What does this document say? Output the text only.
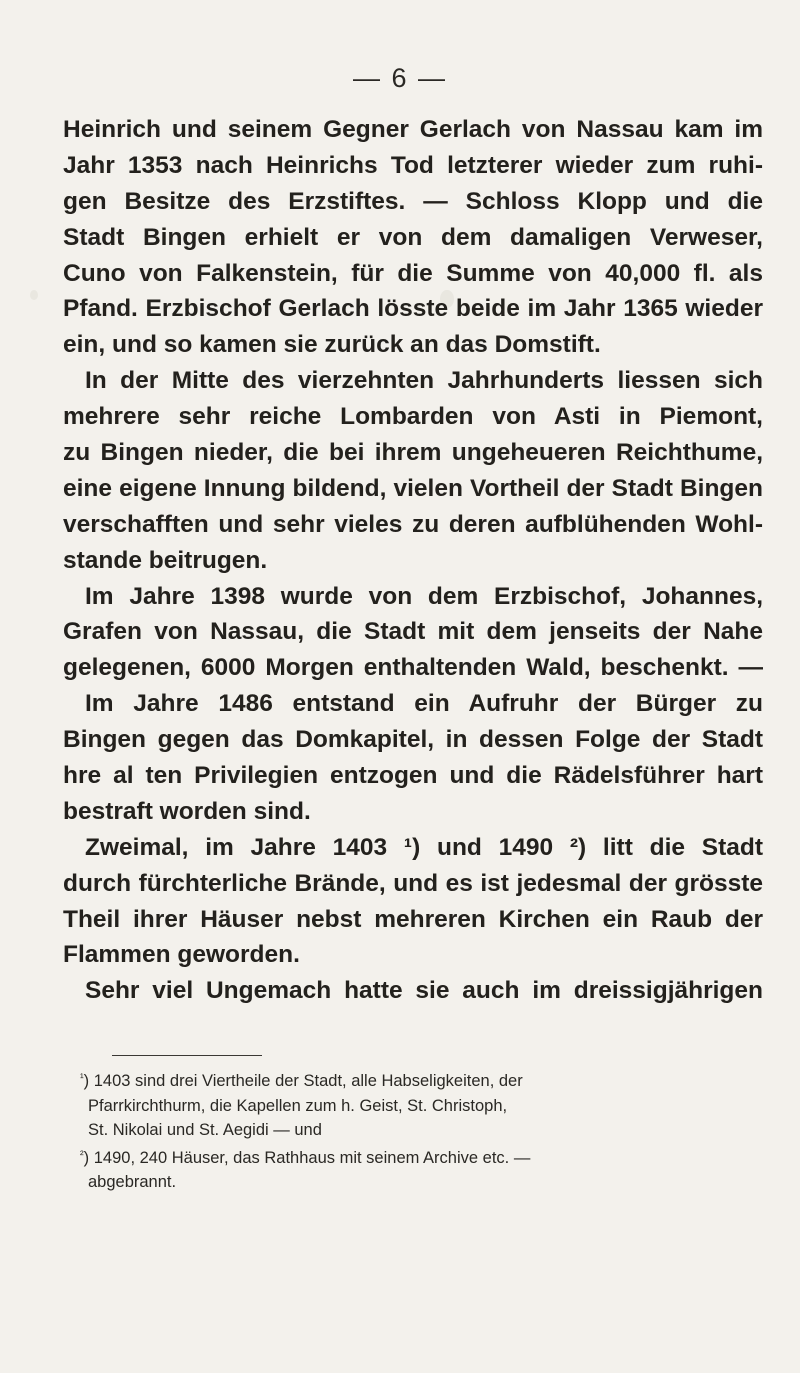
— 6 —
Heinrich und seinem Gegner Gerlach von Nassau kam im
Jahr 1353 nach Heinrichs Tod letzterer wieder zum ruhi-
gen Besitze des Erzstiftes. — Schloss Klopp und die
Stadt Bingen erhielt er von dem damaligen Verweser,
Cuno von Falkenstein, für die Summe von 40,000 fl. als
Pfand. Erzbischof Gerlach lösste beide im Jahr 1365 wieder
ein, und so kamen sie zurück an das Domstift.
In der Mitte des vierzehnten Jahrhunderts liessen sich
mehrere sehr reiche Lombarden von Asti in Piemont,
zu Bingen nieder, die bei ihrem ungeheueren Reichthume,
eine eigene Innung bildend, vielen Vortheil der Stadt Bingen
verschafften und sehr vieles zu deren aufblühenden Wohl-
stande beitrugen.
Im Jahre 1398 wurde von dem Erzbischof, Johannes,
Grafen von Nassau, die Stadt mit dem jenseits der Nahe
gelegenen, 6000 Morgen enthaltenden Wald, beschenkt. —
Im Jahre 1486 entstand ein Aufruhr der Bürger zu
Bingen gegen das Domkapitel, in dessen Folge der Stadt
hre al ten Privilegien entzogen und die Rädelsführer hart
bestraft worden sind.
Zweimal, im Jahre 1403 ¹) und 1490 ²) litt die Stadt
durch fürchterliche Brände, und es ist jedesmal der grösste
Theil ihrer Häuser nebst mehreren Kirchen ein Raub der
Flammen geworden.
Sehr viel Ungemach hatte sie auch im dreissigjährigen
$^{^1}$) 1403 sind drei Viertheile der Stadt, alle Habseligkeiten, der
Pfarrkirchthurm, die Kapellen zum h. Geist, St. Christoph,
St. Nikolai und St. Aegidi — und
$^{^2}$) 1490, 240 Häuser, das Rathhaus mit seinem Archive etc. —
abgebrannt.
